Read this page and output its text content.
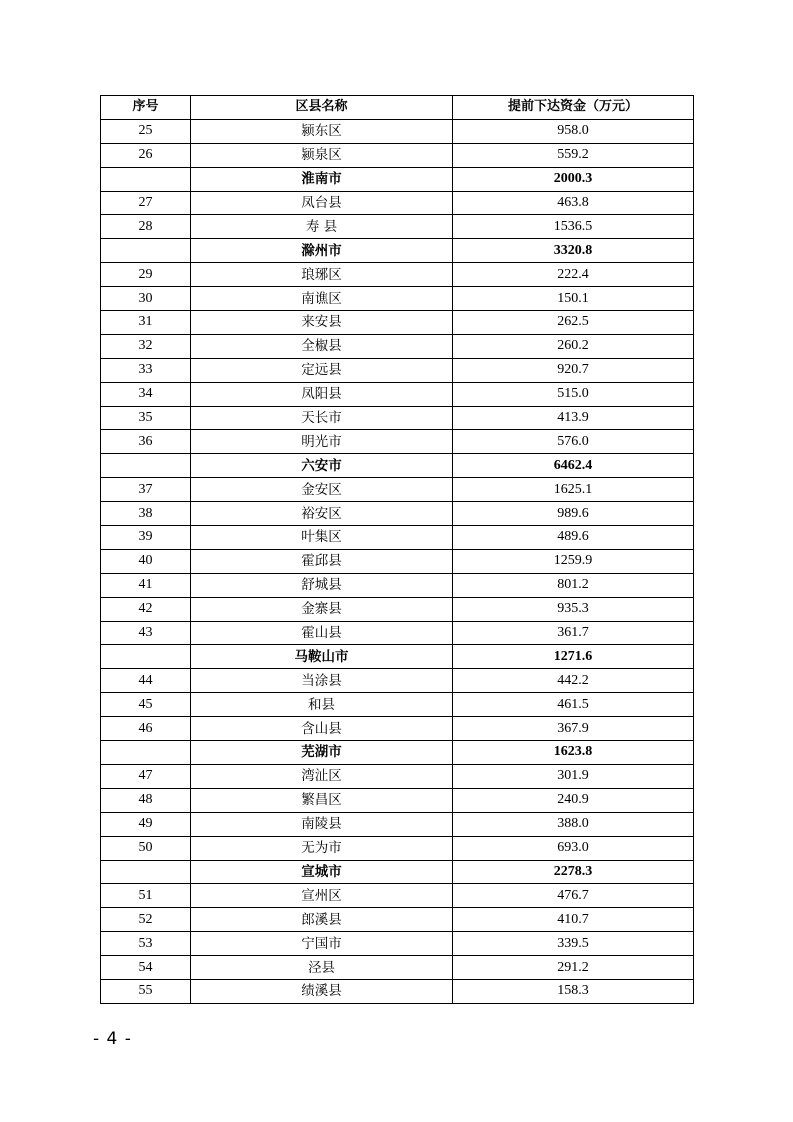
序号	区县名称	提前下达资金（万元）
25	颍东区	958.0
26	颍泉区	559.2
	淮南市	2000.3
27	凤台县	463.8
28	寿 县	1536.5
	滁州市	3320.8
29	琅琊区	222.4
30	南谯区	150.1
31	来安县	262.5
32	全椒县	260.2
33	定远县	920.7
34	凤阳县	515.0
35	天长市	413.9
36	明光市	576.0
	六安市	6462.4
37	金安区	1625.1
38	裕安区	989.6
39	叶集区	489.6
40	霍邱县	1259.9
41	舒城县	801.2
42	金寨县	935.3
43	霍山县	361.7
	马鞍山市	1271.6
44	当涂县	442.2
45	和县	461.5
46	含山县	367.9
	芜湖市	1623.8
47	湾沚区	301.9
48	繁昌区	240.9
49	南陵县	388.0
50	无为市	693.0
	宣城市	2278.3
51	宣州区	476.7
52	郎溪县	410.7
53	宁国市	339.5
54	泾县	291.2
55	绩溪县	158.3
- 4 -
